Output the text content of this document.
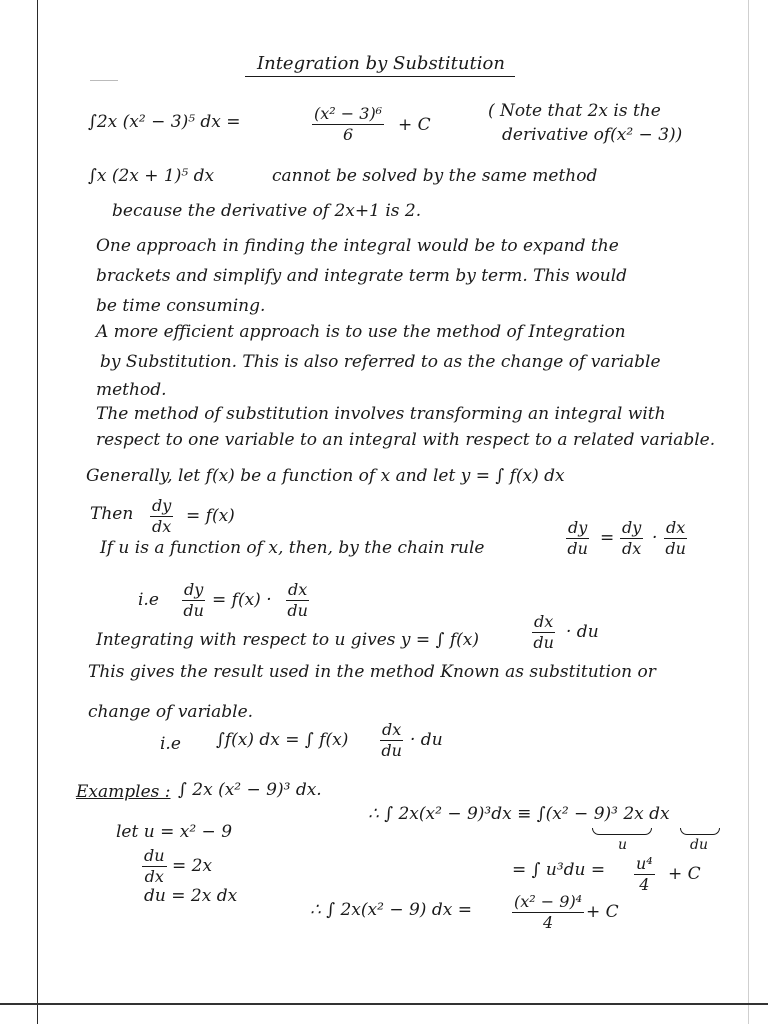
Integration by Substitution
∫2x (x² − 3)⁵ dx =	$\frac{\text{(x² − 3)⁶}}{6} + C$
( Note that 2x is the
derivative of(x² − 3))
∫x (2x + 1)⁵ dx	cannot be solved by the same method
because the derivative of 2x+1 is 2.
One approach in finding the integral would be to expand the
brackets and simplify and integrate term by term. This would
be time consuming.
A more efficient approach is to use the method of Integration
by Substitution. This is also referred to as the change of variable
method.
The method of substitution involves transforming an integral with
respect to one variable to an integral with respect to a related variable.
Generally, let f(x) be a function of x and let y = ∫ f(x) dx
Then $\frac{dy}{dx} = f(x)$
If u is a function of x, then, by the chain rule	$\frac{dy}{du} = \frac{dy}{dx} \cdot \frac{dx}{du}$
$i.e \frac{dy}{du} = f(x) \cdot \frac{dx}{du}$
Integrating with respect to u gives y = ∫ f(x)	$\frac{dx}{du}$ · du
This gives the result used in the method Known as substitution or
change of variable.
i.e ∫f(x) dx = ∫ $f(x) \frac{dx}{du}$ · du
Examples : ∫ 2x (x² − 9)³ dx.
let u = x² − 9
$\frac{du}{dx} = 2x$
du = 2x dx
∴ ∫ 2x(x² − 9)³dx ≡ ∫(x² − 9)³ 2x dx
u	du
= ∫ $u^3du = \frac{\text{u⁴}}{4} + C$
∴ ∫ 2x(x² − 9) dx =	$\frac{\text{(x² − 9)⁴}}{4} + C$
